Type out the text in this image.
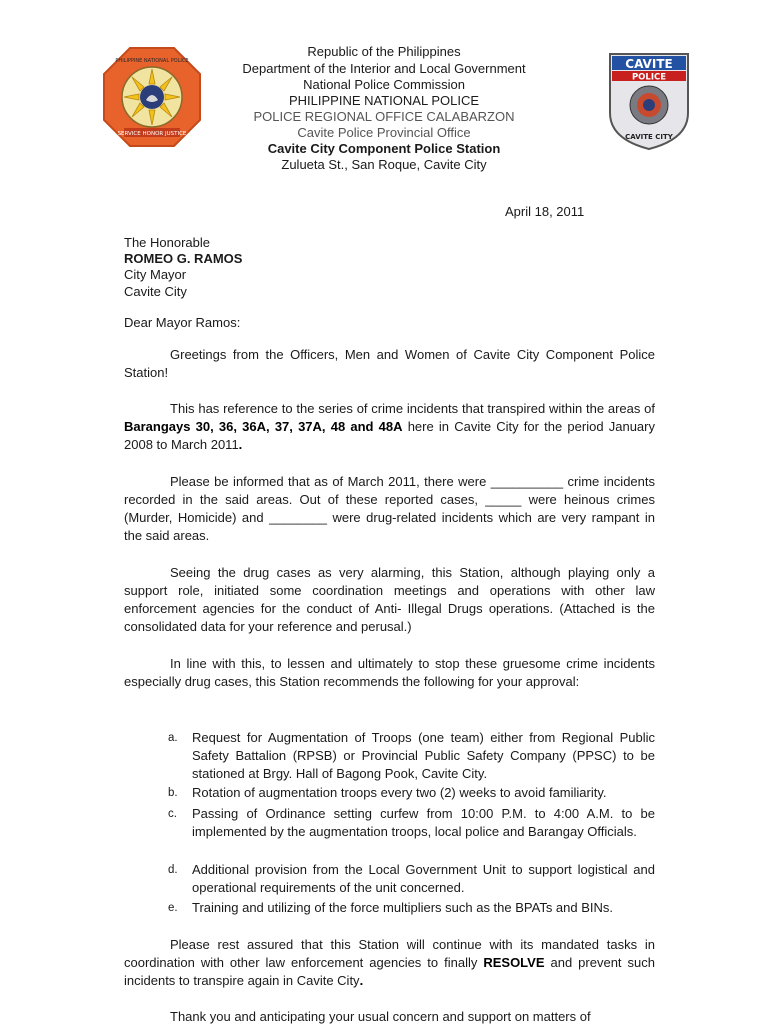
PHILIPPINE NATIONAL POLICE
SERVICE HONOR JUSTICE
CAVITE
POLICE
CAVITE CITY
Republic of the Philippines
Department of the Interior and Local Government
National Police Commission
PHILIPPINE NATIONAL POLICE
POLICE REGIONAL OFFICE CALABARZON
Cavite Police Provincial Office
Cavite City Component Police Station
Zulueta St., San Roque, Cavite City
April 18, 2011
The Honorable
ROMEO G. RAMOS
City Mayor
Cavite City
Dear Mayor Ramos:
Greetings from the Officers, Men and Women of Cavite City Component Police Station!
This has reference to the series of crime incidents that transpired within the areas of Barangays 30, 36, 36A, 37, 37A, 48 and 48A here in Cavite City for the period January 2008 to March 2011.
Please be informed that as of March 2011, there were __________ crime incidents recorded in the said areas. Out of these reported cases, _____ were heinous crimes (Murder, Homicide) and ________ were drug-related incidents which are very rampant in the said areas.
Seeing the drug cases as very alarming, this Station, although playing only a support role, initiated some coordination meetings and operations with other law enforcement agencies for the conduct of Anti- Illegal Drugs operations. (Attached is the consolidated data for your reference and perusal.)
In line with this, to lessen and ultimately to stop these gruesome crime incidents especially drug cases, this Station recommends the following for your approval:
a.	Request for Augmentation of Troops (one team) either from Regional Public Safety Battalion (RPSB) or Provincial Public Safety Company (PPSC) to be stationed at Brgy. Hall of Bagong Pook, Cavite City.
b.	Rotation of augmentation troops every two (2) weeks to avoid familiarity.
c.	Passing of Ordinance setting curfew from 10:00 P.M. to 4:00 A.M. to be implemented by the augmentation troops, local police and Barangay Officials.
d.	Additional provision from the Local Government Unit to support logistical and operational requirements of the unit concerned.
e.	Training and utilizing of the force multipliers such as the BPATs and BINs.
Please rest assured that this Station will continue with its mandated tasks in coordination with other law enforcement agencies to finally RESOLVE and prevent such incidents to transpire again in Cavite City.
Thank you and anticipating your usual concern and support on matters of
